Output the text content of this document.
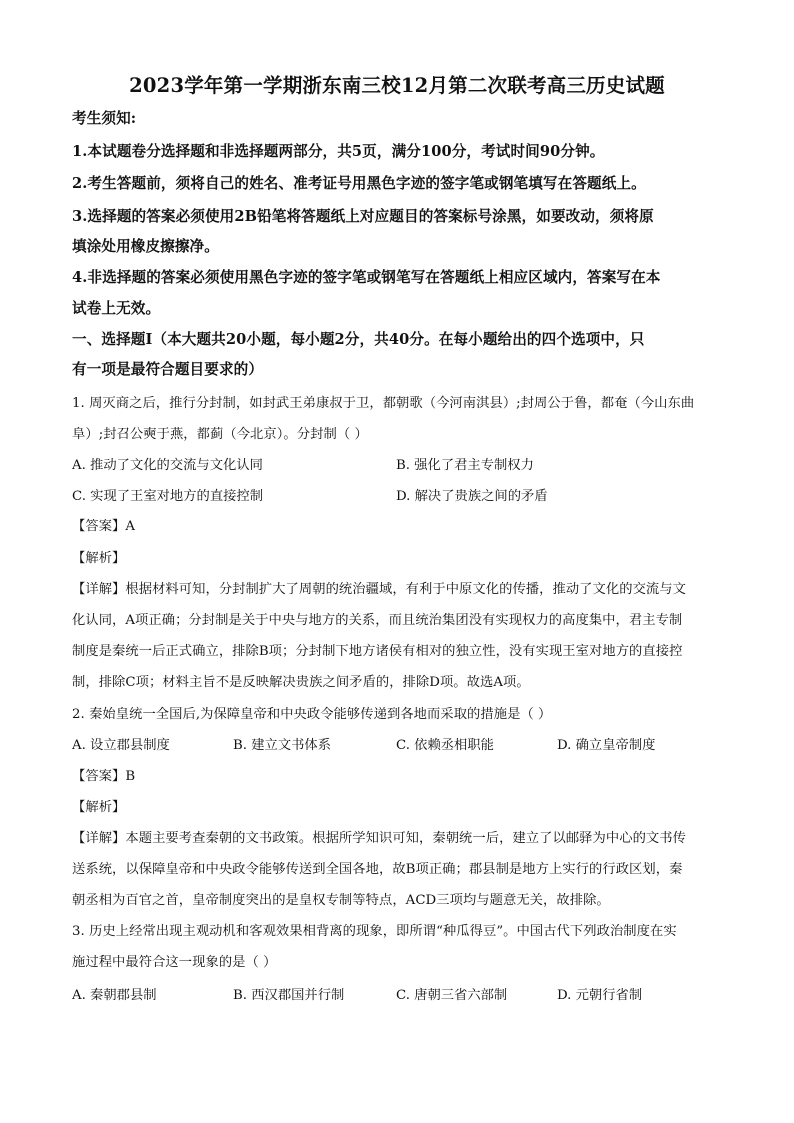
2023学年第一学期浙东南三校12月第二次联考高三历史试题
考生须知:
1.本试题卷分选择题和非选择题两部分，共5页，满分100分，考试时间90分钟。
2.考生答题前，须将自己的姓名、准考证号用黑色字迹的签字笔或钢笔填写在答题纸上。
3.选择题的答案必须使用2B铅笔将答题纸上对应题目的答案标号涂黑，如要改动，须将原
填涂处用橡皮擦擦净。
4.非选择题的答案必须使用黑色字迹的签字笔或钢笔写在答题纸上相应区域内，答案写在本
试卷上无效。
一、选择题Ⅰ（本大题共20小题，每小题2分，共40分。在每小题给出的四个选项中，只
有一项是最符合题目要求的）
1. 周灭商之后，推行分封制，如封武王弟康叔于卫，都朝歌（今河南淇县）;封周公于鲁，都奄（今山东曲
阜）;封召公奭于燕，都蓟（今北京）。分封制（ ）
A. 推动了文化的交流与文化认同	B. 强化了君主专制权力
C. 实现了王室对地方的直接控制	D. 解决了贵族之间的矛盾
【答案】A
【解析】
【详解】根据材料可知，分封制扩大了周朝的统治疆域，有利于中原文化的传播，推动了文化的交流与文
化认同，A项正确；分封制是关于中央与地方的关系，而且统治集团没有实现权力的高度集中，君主专制
制度是秦统一后正式确立，排除B项；分封制下地方诸侯有相对的独立性，没有实现王室对地方的直接控
制，排除C项；材料主旨不是反映解决贵族之间矛盾的，排除D项。故选A项。
2. 秦始皇统一全国后,为保障皇帝和中央政令能够传递到各地而采取的措施是（ ）
A. 设立郡县制度	B. 建立文书体系	C. 依赖丞相职能	D. 确立皇帝制度
【答案】B
【解析】
【详解】本题主要考查秦朝的文书政策。根据所学知识可知，秦朝统一后，建立了以邮驿为中心的文书传
送系统，以保障皇帝和中央政令能够传送到全国各地，故B项正确；郡县制是地方上实行的行政区划，秦
朝丞相为百官之首，皇帝制度突出的是皇权专制等特点，ACD三项均与题意无关，故排除。
3. 历史上经常出现主观动机和客观效果相背离的现象，即所谓“种瓜得豆”。中国古代下列政治制度在实
施过程中最符合这一现象的是（ ）
A. 秦朝郡县制	B. 西汉郡国并行制	C. 唐朝三省六部制	D. 元朝行省制
